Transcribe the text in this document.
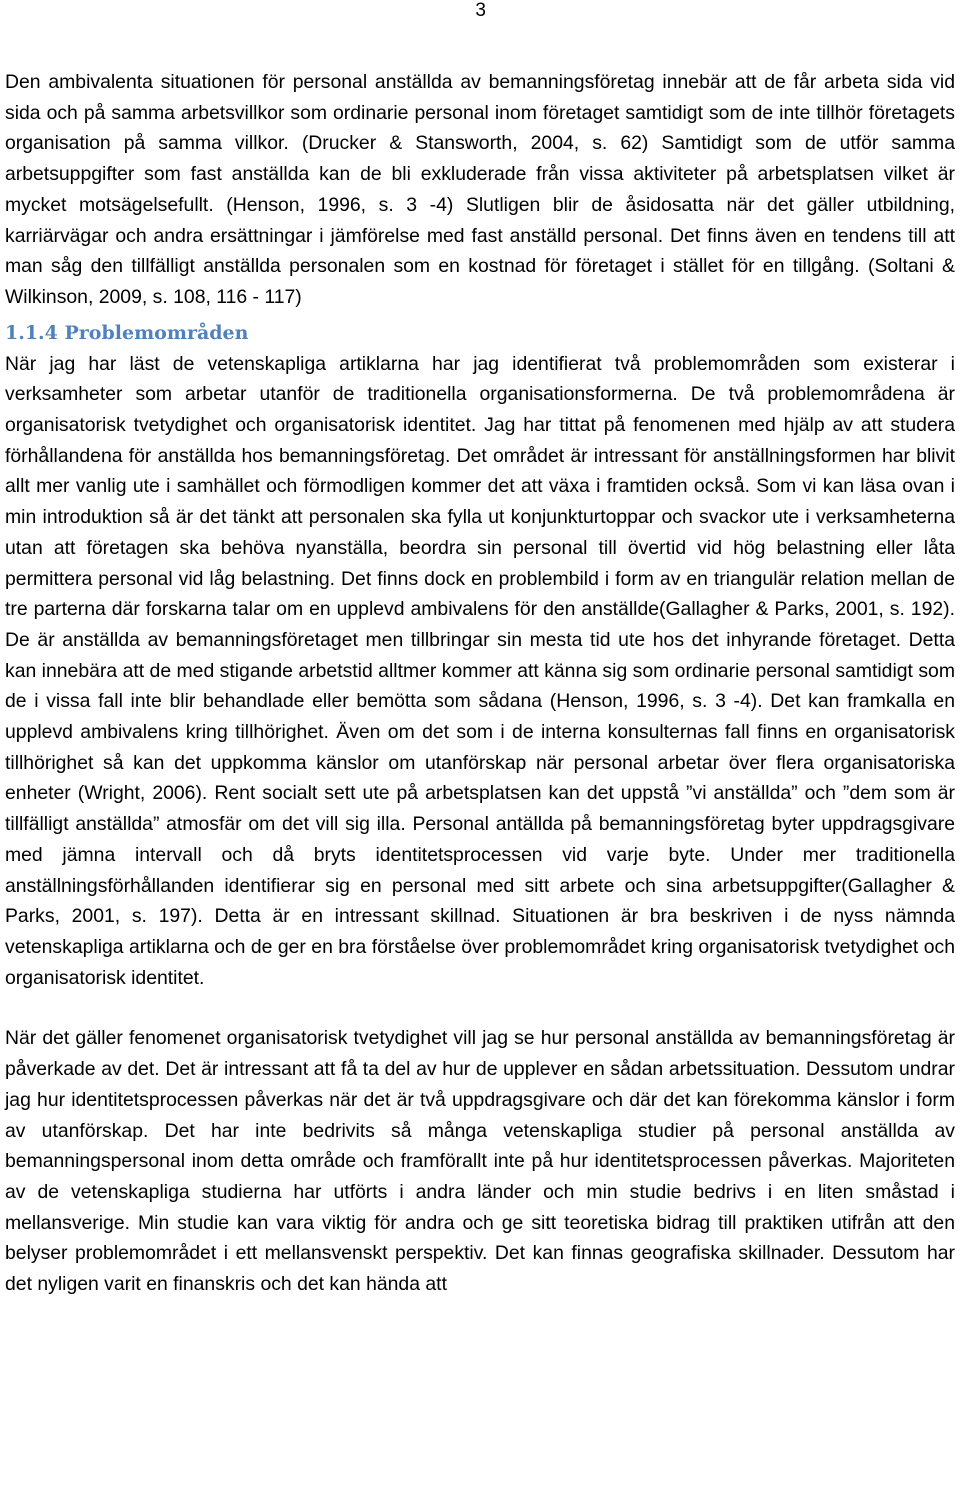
3

Den ambivalenta situationen för personal anställda av bemanningsföretag innebär att de får arbeta sida vid sida och på samma arbetsvillkor som ordinarie personal inom företaget samtidigt som de inte tillhör företagets organisation på samma villkor. (Drucker & Stansworth, 2004, s. 62) Samtidigt som de utför samma arbetsuppgifter som fast anställda kan de bli exkluderade från vissa aktiviteter på arbetsplatsen vilket är mycket motsägelsefullt. (Henson, 1996, s. 3 -4) Slutligen blir de åsidosatta när det gäller utbildning, karriärvägar och andra ersättningar i jämförelse med fast anställd personal. Det finns även en tendens till att man såg den tillfälligt anställda personalen som en kostnad för företaget i stället för en tillgång. (Soltani & Wilkinson, 2009, s. 108, 116 - 117)

1.1.4 Problemområden

När jag har läst de vetenskapliga artiklarna har jag identifierat två problemområden som existerar i verksamheter som arbetar utanför de traditionella organisationsformerna. De två problemområdena är organisatorisk tvetydighet och organisatorisk identitet. Jag har tittat på fenomenen med hjälp av att studera förhållandena för anställda hos bemanningsföretag. Det området är intressant för anställningsformen har blivit allt mer vanlig ute i samhället och förmodligen kommer det att växa i framtiden också. Som vi kan läsa ovan i min introduktion så är det tänkt att personalen ska fylla ut konjunkturtoppar och svackor ute i verksamheterna utan att företagen ska behöva nyanställa, beordra sin personal till övertid vid hög belastning eller låta permittera personal vid låg belastning. Det finns dock en problembild i form av en triangulär relation mellan de tre parterna där forskarna talar om en upplevd ambivalens för den anställde(Gallagher & Parks, 2001, s. 192). De är anställda av bemanningsföretaget men tillbringar sin mesta tid ute hos det inhyrande företaget. Detta kan innebära att de med stigande arbetstid alltmer kommer att känna sig som ordinarie personal samtidigt som de i vissa fall inte blir behandlade eller bemötta som sådana (Henson, 1996, s. 3 -4). Det kan framkalla en upplevd ambivalens kring tillhörighet. Även om det som i de interna konsulternas fall finns en organisatorisk tillhörighet så kan det uppkomma känslor om utanförskap när personal arbetar över flera organisatoriska enheter (Wright, 2006). Rent socialt sett ute på arbetsplatsen kan det uppstå ”vi anställda” och ”dem som är tillfälligt anställda” atmosfär om det vill sig illa. Personal antällda på bemanningsföretag byter uppdragsgivare med jämna intervall och då bryts identitetsprocessen vid varje byte. Under mer traditionella anställningsförhållanden identifierar sig en personal med sitt arbete och sina arbetsuppgifter(Gallagher & Parks, 2001, s. 197). Detta är en intressant skillnad. Situationen är bra beskriven i de nyss nämnda vetenskapliga artiklarna och de ger en bra förståelse över problemområdet kring organisatorisk tvetydighet och organisatorisk identitet.

När det gäller fenomenet organisatorisk tvetydighet vill jag se hur personal anställda av bemanningsföretag är påverkade av det. Det är intressant att få ta del av hur de upplever en sådan arbetssituation. Dessutom undrar jag hur identitetsprocessen påverkas när det är två uppdragsgivare och där det kan förekomma känslor i form av utanförskap. Det har inte bedrivits så många vetenskapliga studier på personal anställda av bemanningspersonal inom detta område och framförallt inte på hur identitetsprocessen påverkas. Majoriteten av de vetenskapliga studierna har utförts i andra länder och min studie bedrivs i en liten småstad i mellansverige. Min studie kan vara viktig för andra och ge sitt teoretiska bidrag till praktiken utifrån att den belyser problemområdet i ett mellansvenskt perspektiv. Det kan finnas geografiska skillnader. Dessutom har det nyligen varit en finanskris och det kan hända att
